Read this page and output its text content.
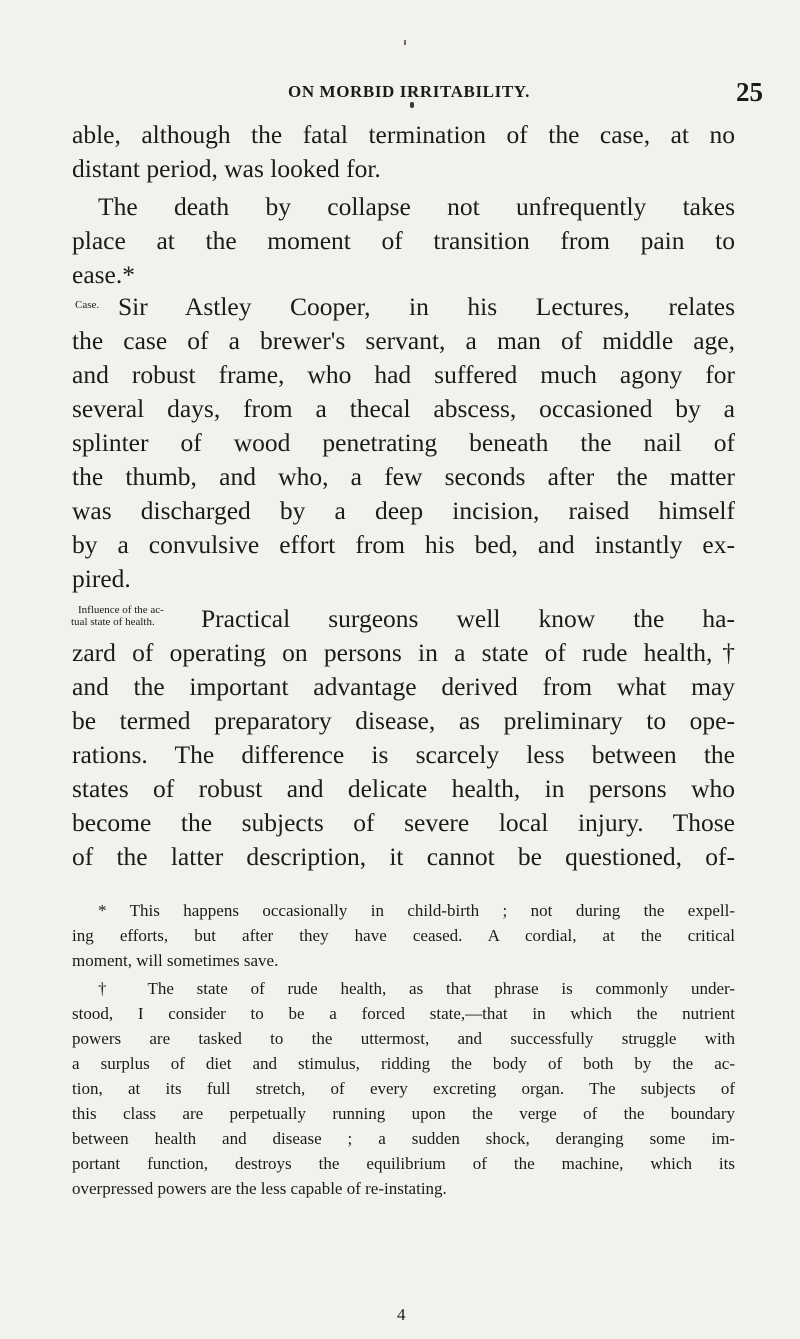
ON MORBID IRRITABILITY.	25
able, although the fatal termination of the case, at no
distant period, was looked for.
The death by collapse not unfrequently takes
place at the moment of transition from pain to
ease.*
Case. Sir Astley Cooper, in his Lectures, relates
the case of a brewer's servant, a man of middle age,
and robust frame, who had suffered much agony for
several days, from a thecal abscess, occasioned by a
splinter of wood penetrating beneath the nail of
the thumb, and who, a few seconds after the matter
was discharged by a deep incision, raised himself
by a convulsive effort from his bed, and instantly ex-
pired.
Influence of the ac-
tual state of health. Practical surgeons well know the ha-
zard of operating on persons in a state of rude health,†
and the important advantage derived from what may
be termed preparatory disease, as preliminary to ope-
rations. The difference is scarcely less between the
states of robust and delicate health, in persons who
become the subjects of severe local injury. Those
of the latter description, it cannot be questioned, of-
* This happens occasionally in child-birth ; not during the expell-
ing efforts, but after they have ceased. A cordial, at the critical
moment, will sometimes save.
† The state of rude health, as that phrase is commonly under-
stood, I consider to be a forced state,—that in which the nutrient
powers are tasked to the uttermost, and successfully struggle with
a surplus of diet and stimulus, ridding the body of both by the ac-
tion, at its full stretch, of every excreting organ. The subjects of
this class are perpetually running upon the verge of the boundary
between health and disease ; a sudden shock, deranging some im-
portant function, destroys the equilibrium of the machine, which its
overpressed powers are the less capable of re-instating.
4
